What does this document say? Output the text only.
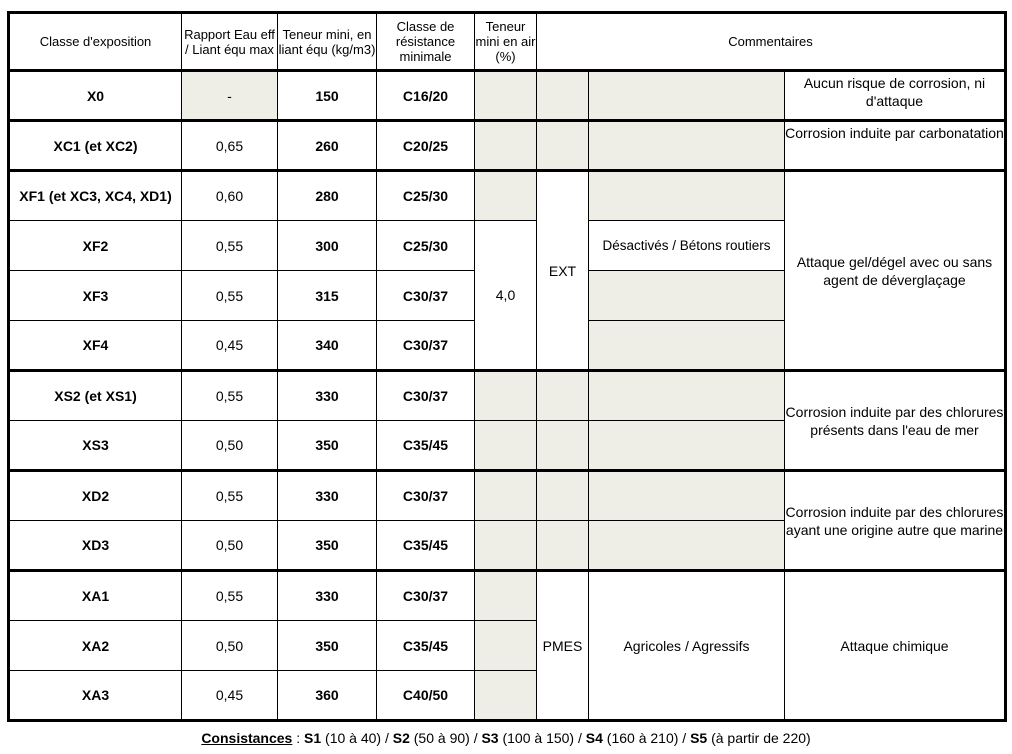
Classe d'exposition	Rapport Eau eff / Liant équ max	Teneur mini, en liant équ (kg/m3)	Classe de résistance minimale	Teneur mini en air (%)	Commentaires		
X0	-	150	C16/20				Aucun risque de corrosion, ni d'attaque
XC1 (et XC2)	0,65	260	C20/25				Corrosion induite par carbonatation
XF1 (et XC3, XC4, XD1)	0,60	280	C25/30		EXT		Attaque gel/dégel avec ou sans agent de déverglaçage
XF2	0,55	300	C25/30	4,0		Désactivés / Bétons routiers	
XF3	0,55	315	C30/37				
XF4	0,45	340	C30/37				
XS2 (et XS1)	0,55	330	C30/37				Corrosion induite par des chlorures présents dans l'eau de mer
XS3	0,50	350	C35/45				
XD2	0,55	330	C30/37				Corrosion induite par des chlorures ayant une origine autre que marine
XD3	0,50	350	C35/45				
XA1	0,55	330	C30/37		PMES	Agricoles / Agressifs	Attaque chimique
XA2	0,50	350	C35/45				
XA3	0,45	360	C40/50				
Consistances : S1 (10 à 40) / S2 (50 à 90) / S3 (100 à 150) / S4 (160 à 210) / S5 (à partir de 220)
